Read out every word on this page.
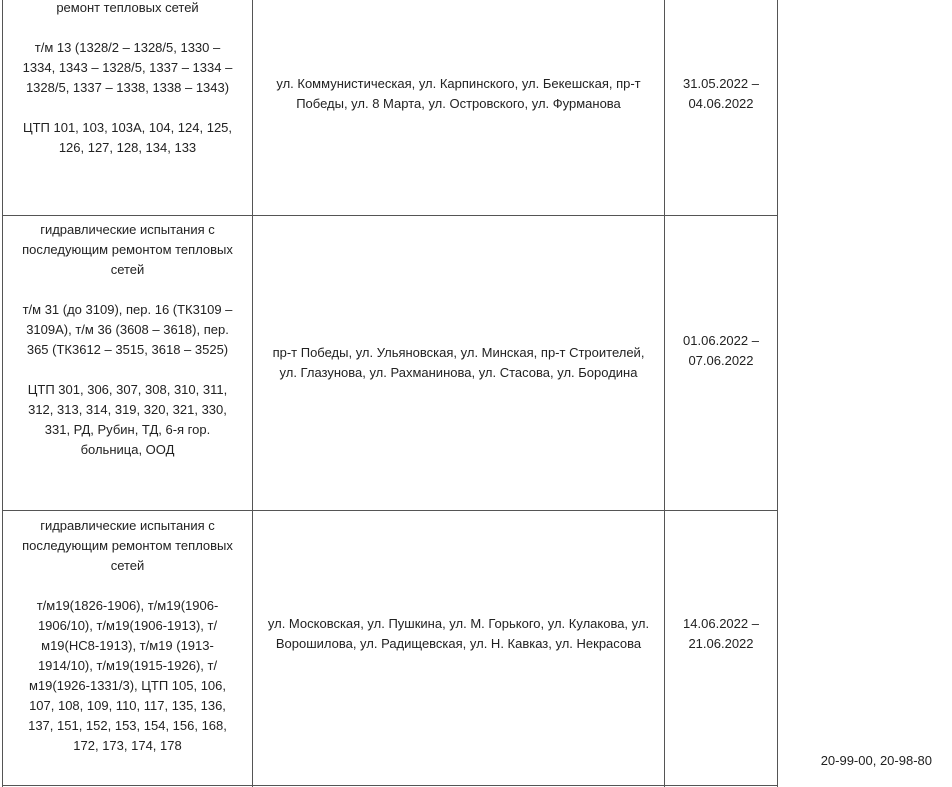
ремонт тепловых сетей

т/м 13 (1328/2 – 1328/5, 1330 – 1334, 1343 – 1328/5, 1337 – 1334 – 1328/5, 1337 – 1338, 1338 – 1343)

ЦТП 101, 103, 103А, 104, 124, 125, 126, 127, 128, 134, 133
ул. Коммунистическая, ул. Карпинского, ул. Бекешская, пр-т Победы, ул. 8 Марта, ул. Островского, ул. Фурманова
31.05.2022 – 04.06.2022
гидравлические испытания с последующим ремонтом тепловых сетей

т/м 31 (до 3109), пер. 16 (ТК3109 – 3109А), т/м 36 (3608 – 3618), пер. 365 (ТК3612 – 3515, 3618 – 3525)

ЦТП 301, 306, 307, 308, 310, 311, 312, 313, 314, 319, 320, 321, 330, 331, РД, Рубин, ТД, 6-я гор. больница, ООД
пр-т Победы, ул. Ульяновская, ул. Минская, пр-т Строителей, ул. Глазунова, ул. Рахманинова, ул. Стасова, ул. Бородина
01.06.2022 – 07.06.2022
гидравлические испытания с последующим ремонтом тепловых сетей

т/м19(1826-1906), т/м19(1906-1906/10), т/м19(1906-1913), т/м19(НС8-1913), т/м19 (1913-1914/10), т/м19(1915-1926), т/м19(1926-1331/3), ЦТП 105, 106, 107, 108, 109, 110, 117, 135, 136, 137, 151, 152, 153, 154, 156, 168, 172, 173, 174, 178
ул. Московская, ул. Пушкина, ул. М. Горького, ул. Кулакова, ул. Ворошилова, ул. Радищевская, ул. Н. Кавказ, ул. Некрасова
14.06.2022 – 21.06.2022
20-99-00, 20-98-80
